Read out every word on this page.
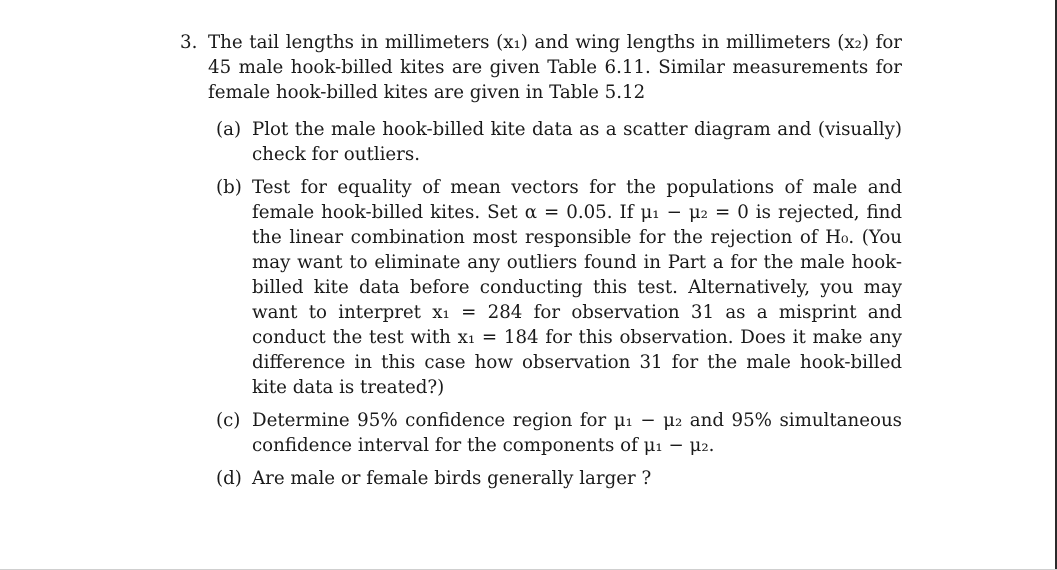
3. The tail lengths in millimeters (x₁) and wing lengths in millimeters (x₂) for 45 male hook-billed kites are given Table 6.11. Similar measurements for female hook-billed kites are given in Table 5.12
(a) Plot the male hook-billed kite data as a scatter diagram and (visually) check for outliers.
(b) Test for equality of mean vectors for the populations of male and female hook-billed kites. Set α = 0.05. If μ₁ − μ₂ = 0 is rejected, find the linear combination most responsible for the rejection of H₀. (You may want to eliminate any outliers found in Part a for the male hook-billed kite data before conducting this test. Alternatively, you may want to interpret x₁ = 284 for observation 31 as a misprint and conduct the test with x₁ = 184 for this observation. Does it make any difference in this case how observation 31 for the male hook-billed kite data is treated?)
(c) Determine 95% confidence region for μ₁ − μ₂ and 95% simultaneous confidence interval for the components of μ₁ − μ₂.
(d) Are male or female birds generally larger ?
